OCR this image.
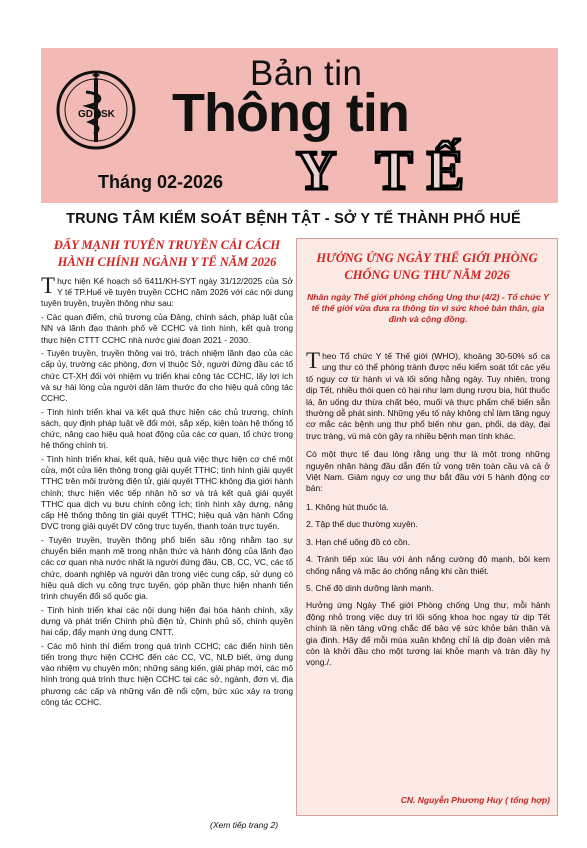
GD SK
Bản tin
Thông tin
Y TẾ
Tháng 02-2026
TRUNG TÂM KIỂM SOÁT BỆNH TẬT - SỞ Y TẾ THÀNH PHỐ HUẾ
ĐẨY MẠNH TUYÊN TRUYỀN CẢI CÁCH HÀNH CHÍNH NGÀNH Y TẾ NĂM 2026

Thực hiện Kế hoạch số 6411/KH-SYT ngày 31/12/2025 của Sở Y tế TP.Huế về tuyên truyền CCHC năm 2026 với các nội dung tuyên truyền, truyền thông như sau:

- Các quan điểm, chủ trương của Đảng, chính sách, pháp luật của NN và lãnh đạo thành phố về CCHC và tình hình, kết quả trong thực hiện CTTT CCHC nhà nước giai đoạn 2021 - 2030.

- Tuyên truyền, truyền thông vai trò, trách nhiệm lãnh đạo của các cấp ủy, trường các phòng, đơn vị thuộc Sở, người đứng đầu các tổ chức CT-XH đối với nhiệm vụ triển khai công tác CCHC, lấy lợi ích và sự hài lòng của người dân làm thước đo cho hiệu quả công tác CCHC.

- Tình hình triển khai và kết quả thực hiện các chủ trương, chính sách, quy định pháp luật về đổi mới, sắp xếp, kiện toàn hệ thống tổ chức, nâng cao hiệu quả hoạt động của các cơ quan, tổ chức trong hệ thống chính trị.

- Tình hình triển khai, kết quả, hiệu quả việc thực hiện cơ chế một cửa, một cửa liên thông trong giải quyết TTHC; tình hình giải quyết TTHC trên môi trường điện tử, giải quyết TTHC không địa giới hành chính; thực hiện việc tiếp nhận hồ sơ và trả kết quả giải quyết TTHC qua dịch vụ bưu chính công ích; tình hình xây dựng, nâng cấp Hệ thống thông tin giải quyết TTHC; hiệu quả vận hành Cổng DVC trong giải quyết DV công trực tuyến, thanh toán trực tuyến.

- Tuyên truyền, truyền thông phổ biến sâu rộng nhằm tạo sự chuyển biến mạnh mẽ trong nhận thức và hành động của lãnh đạo các cơ quan nhà nước nhất là người đứng đầu, CB, CC, VC, các tổ chức, doanh nghiệp và người dân trong việc cung cấp, sử dụng có hiệu quả dịch vụ công trực tuyến, góp phần thực hiện nhanh tiến trình chuyển đổi số quốc gia.

- Tình hình triển khai các nội dung hiện đại hóa hành chính, xây dựng và phát triển Chính phủ điện tử, Chính phủ số, chính quyền hai cấp, đẩy mạnh ứng dụng CNTT.

- Các mô hình thí điểm trong quá trình CCHC; các điển hình tiên tiến trong thực hiện CCHC đến các CC, VC, NLĐ biết, ứng dụng vào nhiệm vụ chuyên môn; những sáng kiến, giải pháp mới, các mô hình trong quá trình thực hiện CCHC tại các sở, ngành, đơn vị, địa phương các cấp và những vấn đề nổi cộm, bức xúc xảy ra trong công tác CCHC.

(Xem tiếp trang 2)
HƯỞNG ỨNG NGÀY THẾ GIỚI PHÒNG CHỐNG UNG THƯ NĂM 2026
Nhân ngày Thế giới phòng chống Ung thư (4/2) - Tổ chức Y tế thế giới vừa đưa ra thông tin vì sức khoẻ bản thân, gia đình và cộng đồng.

Theo Tổ chức Y tế Thế giới (WHO), khoảng 30-50% số ca ung thư có thể phòng tránh được nếu kiểm soát tốt các yếu tố nguy cơ từ hành vi và lối sống hằng ngày. Tuy nhiên, trong dịp Tết, nhiều thói quen có hại như lạm dụng rượu bia, hút thuốc lá, ăn uống dư thừa chất béo, muối và thực phẩm chế biến sẵn thường dễ phát sinh. Những yếu tố này không chỉ làm tăng nguy cơ mắc các bệnh ung thư phổ biến như gan, phổi, dạ dày, đại trực tràng, vú mà còn gây ra nhiều bệnh mạn tính khác.

Có một thực tế đau lòng rằng ung thư là một trong những nguyên nhân hàng đầu dẫn đến tử vong trên toàn cầu và cả ở Việt Nam. Giảm nguy cơ ung thư bắt đầu với 5 hành động cơ bản:

1. Không hút thuốc lá.

2. Tập thể dục thường xuyên.

3. Hạn chế uống đồ có cồn.

4. Tránh tiếp xúc lâu với ánh nắng cường độ mạnh, bôi kem chống nắng và mặc áo chống nắng khi cần thiết.

5. Chế độ dinh dưỡng lành mạnh.

Hưởng ứng Ngày Thế giới Phòng chống Ung thư, mỗi hành động nhỏ trong việc duy trì lối sống khoa học ngay từ dịp Tết chính là nền tảng vững chắc để bảo vệ sức khỏe bản thân và gia đình. Hãy để mỗi mùa xuân không chỉ là dịp đoàn viên mà còn là khởi đầu cho một tương lai khỏe mạnh và tràn đầy hy vọng./.

CN. Nguyễn Phương Huy ( tổng hợp)
